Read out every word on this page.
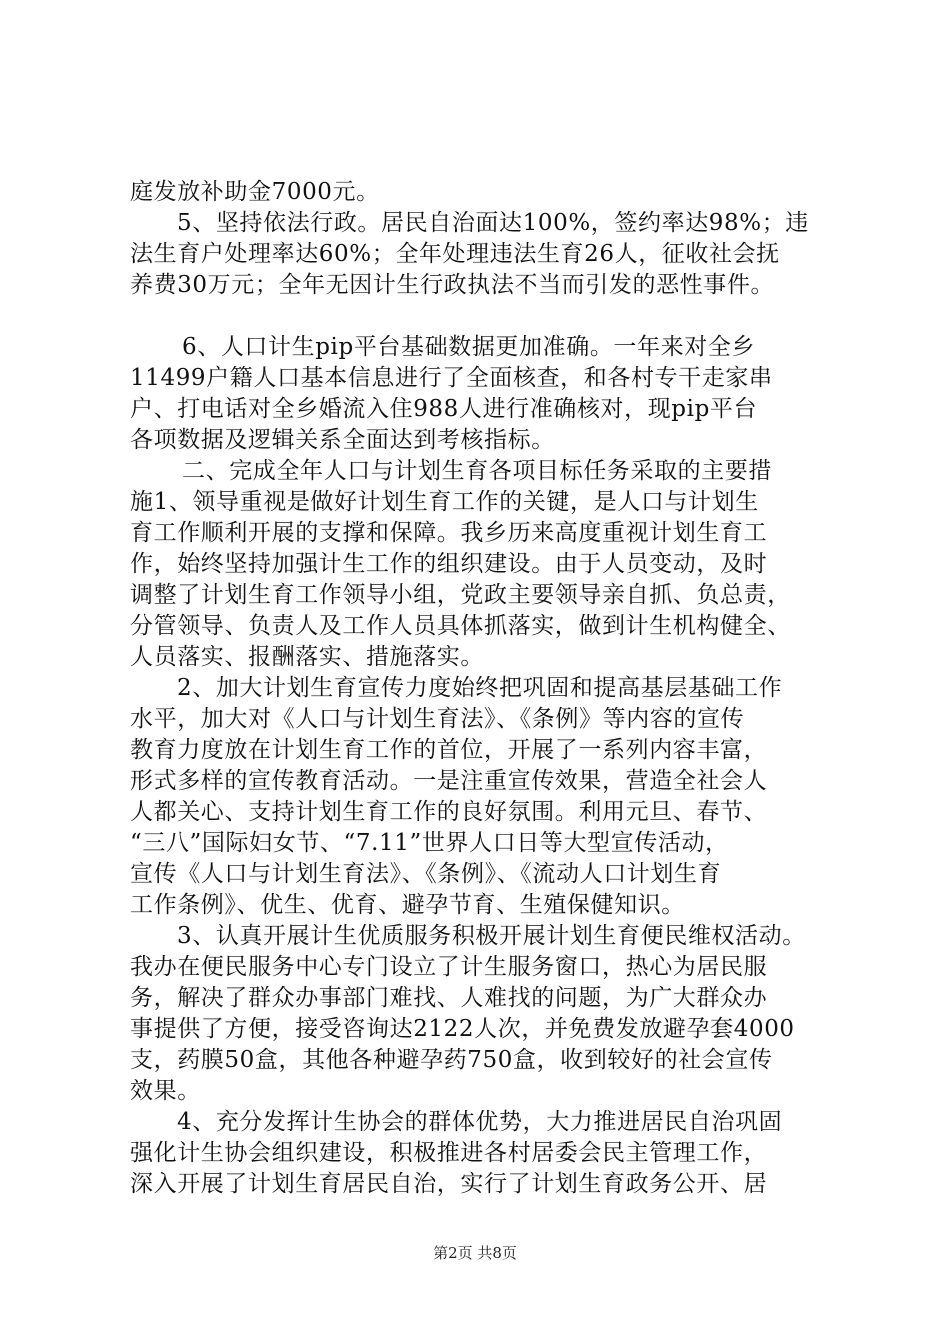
庭发放补助金7000元。
5、坚持依法行政。居民自治面达100%，签约率达98%；违
法生育户处理率达60%；全年处理违法生育26人，征收社会抚
养费30万元；全年无因计生行政执法不当而引发的恶性事件。
6、人口计生pip平台基础数据更加准确。一年来对全乡
11499户籍人口基本信息进行了全面核查，和各村专干走家串
户、打电话对全乡婚流入住988人进行准确核对，现pip平台
各项数据及逻辑关系全面达到考核指标。
二、完成全年人口与计划生育各项目标任务采取的主要措
施1、领导重视是做好计划生育工作的关键，是人口与计划生
育工作顺利开展的支撑和保障。我乡历来高度重视计划生育工
作，始终坚持加强计生工作的组织建设。由于人员变动，及时
调整了计划生育工作领导小组，党政主要领导亲自抓、负总责，
分管领导、负责人及工作人员具体抓落实，做到计生机构健全、
人员落实、报酬落实、措施落实。
2、加大计划生育宣传力度始终把巩固和提高基层基础工作
水平，加大对《人口与计划生育法》、《条例》等内容的宣传
教育力度放在计划生育工作的首位，开展了一系列内容丰富，
形式多样的宣传教育活动。一是注重宣传效果，营造全社会人
人都关心、支持计划生育工作的良好氛围。利用元旦、春节、
“三八”国际妇女节、“7.11”世界人口日等大型宣传活动，
宣传《人口与计划生育法》、《条例》、《流动人口计划生育
工作条例》、优生、优育、避孕节育、生殖保健知识。
3、认真开展计生优质服务积极开展计划生育便民维权活动。
我办在便民服务中心专门设立了计生服务窗口，热心为居民服
务，解决了群众办事部门难找、人难找的问题，为广大群众办
事提供了方便，接受咨询达2122人次，并免费发放避孕套4000
支，药膜50盒，其他各种避孕药750盒，收到较好的社会宣传
效果。
4、充分发挥计生协会的群体优势，大力推进居民自治巩固
强化计生协会组织建设，积极推进各村居委会民主管理工作，
深入开展了计划生育居民自治，实行了计划生育政务公开、居
第2页 共8页
